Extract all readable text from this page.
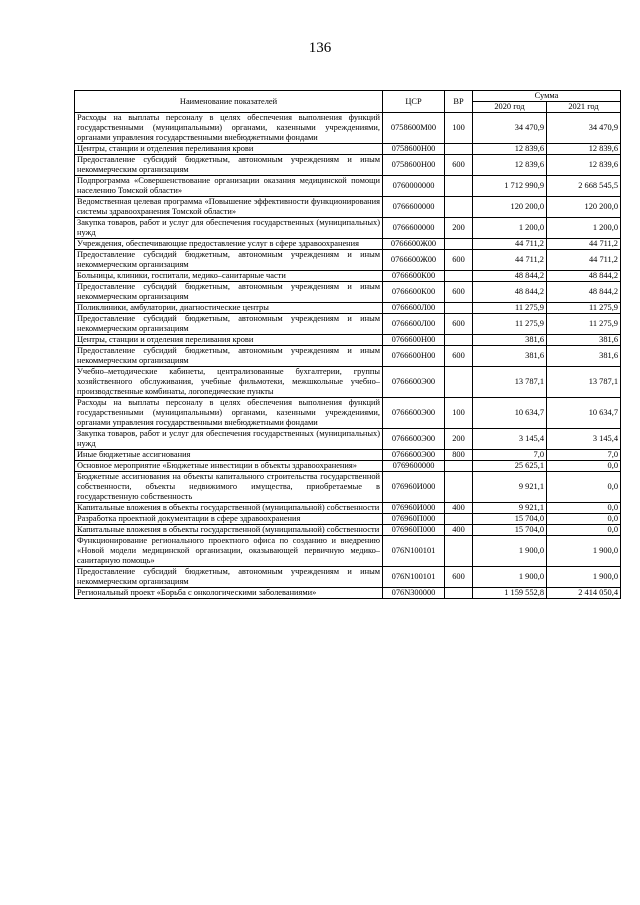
136
Наименование показателей	ЦСР	ВР	Сумма	
			2020 год	2021 год
Расходы на выплаты персоналу в целях обеспечения выполнения функций государственными (муниципальными) органами, казенными учреждениями, органами управления государственными внебюджетными фондами	0758600М00	100	34 470,9	34 470,9
Центры, станции и отделения переливания крови	0758600Н00		12 839,6	12 839,6
Предоставление субсидий бюджетным, автономным учреждениям и иным некоммерческим организациям	0758600Н00	600	12 839,6	12 839,6
Подпрограмма «Совершенствование организации оказания медицинской помощи населению Томской области»	0760000000		1 712 990,9	2 668 545,5
Ведомственная целевая программа «Повышение эффективности функционирования системы здравоохранения Томской области»	0766600000		120 200,0	120 200,0
Закупка товаров, работ и услуг для обеспечения государственных (муниципальных) нужд	0766600000	200	1 200,0	1 200,0
Учреждения, обеспечивающие предоставление услуг в сфере здравоохранения	0766600Ж00		44 711,2	44 711,2
Предоставление субсидий бюджетным, автономным учреждениям и иным некоммерческим организациям	0766600Ж00	600	44 711,2	44 711,2
Больницы, клиники, госпитали, медико–санитарные части	0766600К00		48 844,2	48 844,2
Предоставление субсидий бюджетным, автономным учреждениям и иным некоммерческим организациям	0766600К00	600	48 844,2	48 844,2
Поликлиники, амбулатории, диагностические центры	0766600Л00		11 275,9	11 275,9
Предоставление субсидий бюджетным, автономным учреждениям и иным некоммерческим организациям	0766600Л00	600	11 275,9	11 275,9
Центры, станции и отделения переливания крови	0766600Н00		381,6	381,6
Предоставление субсидий бюджетным, автономным учреждениям и иным некоммерческим организациям	0766600Н00	600	381,6	381,6
Учебно–методические кабинеты, централизованные бухгалтерии, группы хозяйственного обслуживания, учебные фильмотеки, межшкольные учебно–производственные комбинаты, логопедические пункты	0766600Э00		13 787,1	13 787,1
Расходы на выплаты персоналу в целях обеспечения выполнения функций государственными (муниципальными) органами, казенными учреждениями, органами управления государственными внебюджетными фондами	0766600Э00	100	10 634,7	10 634,7
Закупка товаров, работ и услуг для обеспечения государственных (муниципальных) нужд	0766600Э00	200	3 145,4	3 145,4
Иные бюджетные ассигнования	0766600Э00	800	7,0	7,0
Основное мероприятие «Бюджетные инвестиции в объекты здравоохранения»	0769600000		25 625,1	0,0
Бюджетные ассигнования на объекты капитального строительства государственной собственности, объекты недвижимого имущества, приобретаемые в государственную собственность	076960И000		9 921,1	0,0
Капитальные вложения в объекты государственной (муниципальной) собственности	076960И000	400	9 921,1	0,0
Разработка проектной документации в сфере здравоохранения	076960П000		15 704,0	0,0
Капитальные вложения в объекты государственной (муниципальной) собственности	076960П000	400	15 704,0	0,0
Функционирование регионального проектного офиса по созданию и внедрению «Новой модели медицинской организации, оказывающей первичную медико–санитарную помощь»	076N100101		1 900,0	1 900,0
Предоставление субсидий бюджетным, автономным учреждениям и иным некоммерческим организациям	076N100101	600	1 900,0	1 900,0
Региональный проект «Борьба с онкологическими заболеваниями»	076N300000		1 159 552,8	2 414 050,4
